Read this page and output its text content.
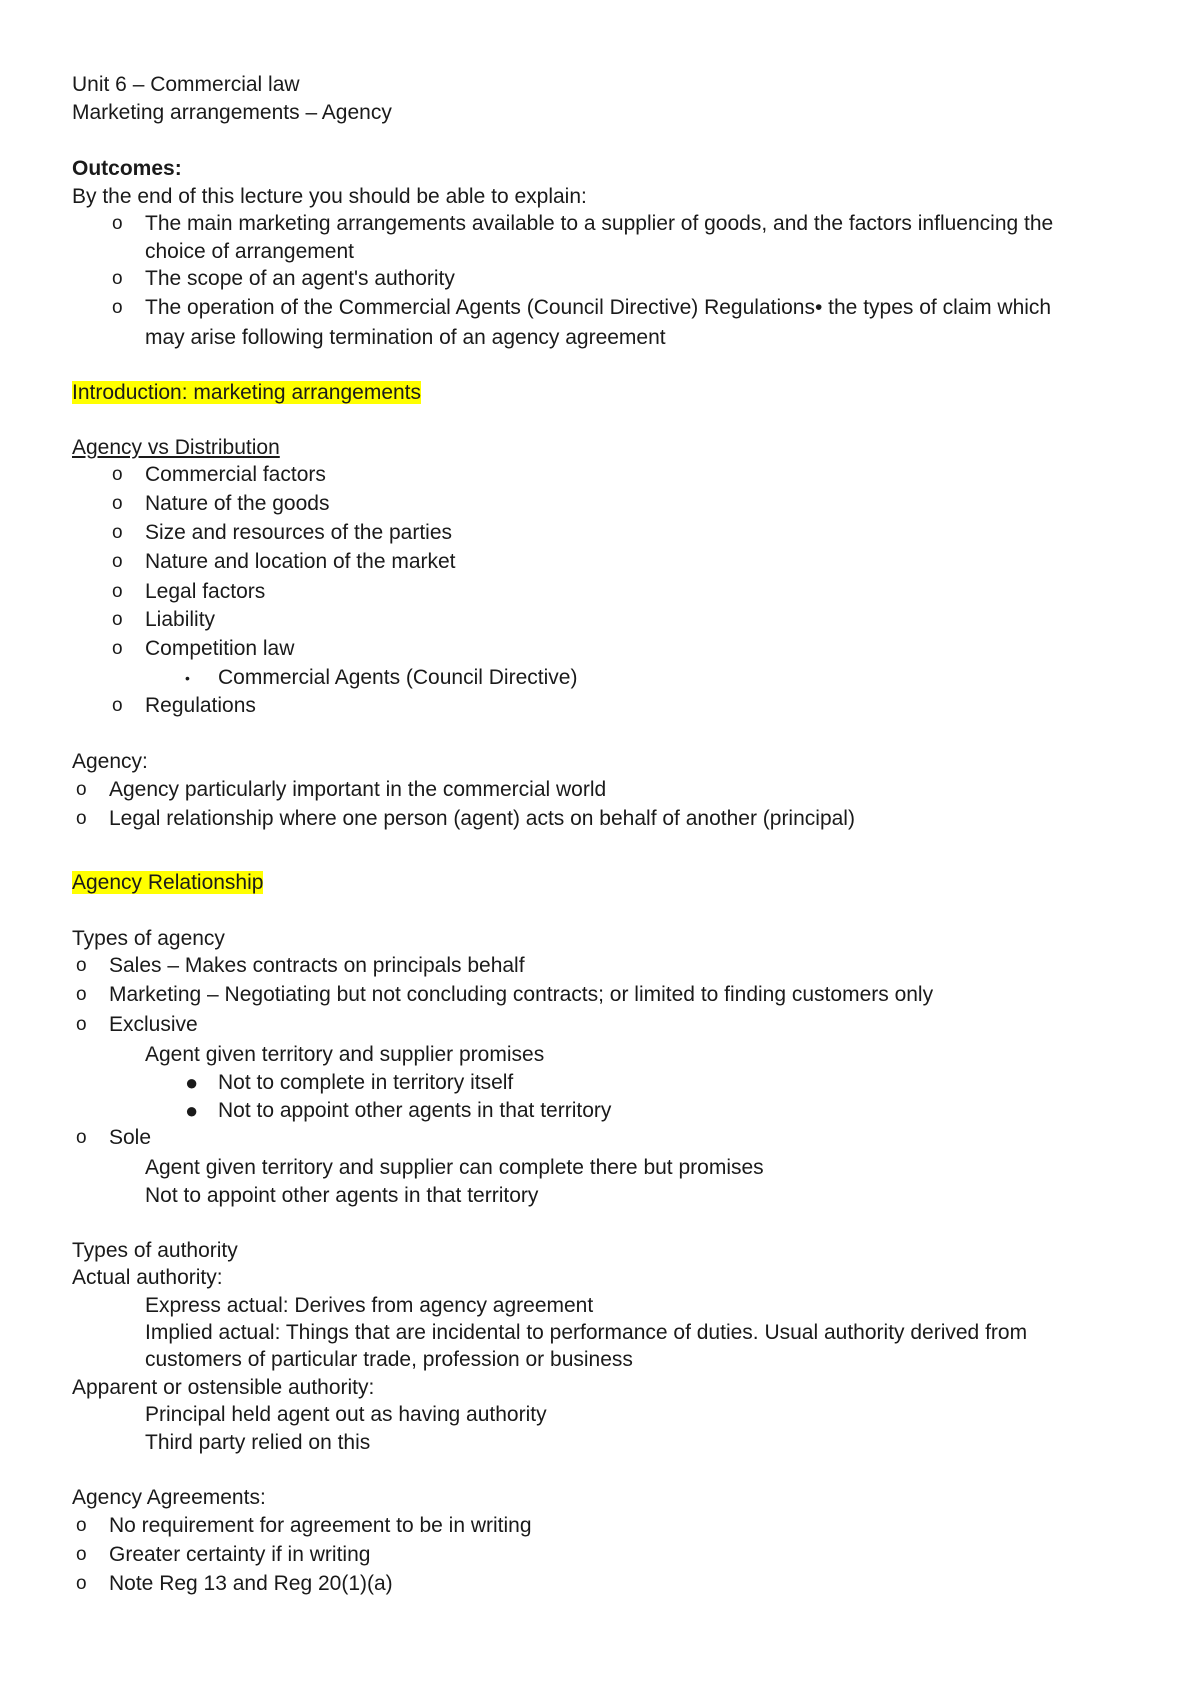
Unit 6 – Commercial law
Marketing arrangements – Agency
Outcomes:
By the end of this lecture you should be able to explain:
o The main marketing arrangements available to a supplier of goods, and the factors influencing the
choice of arrangement
o The scope of an agent's authority
o The operation of the Commercial Agents (Council Directive) Regulations• the types of claim which
may arise following termination of an agency agreement
Introduction: marketing arrangements
Agency vs Distribution
o Commercial factors
o Nature of the goods
o Size and resources of the parties
o Nature and location of the market
o Legal factors
o Liability
o Competition law
• Commercial Agents (Council Directive)
o Regulations
Agency:
o Agency particularly important in the commercial world
o Legal relationship where one person (agent) acts on behalf of another (principal)
Agency Relationship
Types of agency
o Sales – Makes contracts on principals behalf
o Marketing – Negotiating but not concluding contracts; or limited to finding customers only
o Exclusive
Agent given territory and supplier promises
● Not to complete in territory itself
● Not to appoint other agents in that territory
o Sole
Agent given territory and supplier can complete there but promises
Not to appoint other agents in that territory
Types of authority
Actual authority:
Express actual: Derives from agency agreement
Implied actual: Things that are incidental to performance of duties. Usual authority derived from
customers of particular trade, profession or business
Apparent or ostensible authority:
Principal held agent out as having authority
Third party relied on this
Agency Agreements:
o No requirement for agreement to be in writing
o Greater certainty if in writing
o Note Reg 13 and Reg 20(1)(a)
